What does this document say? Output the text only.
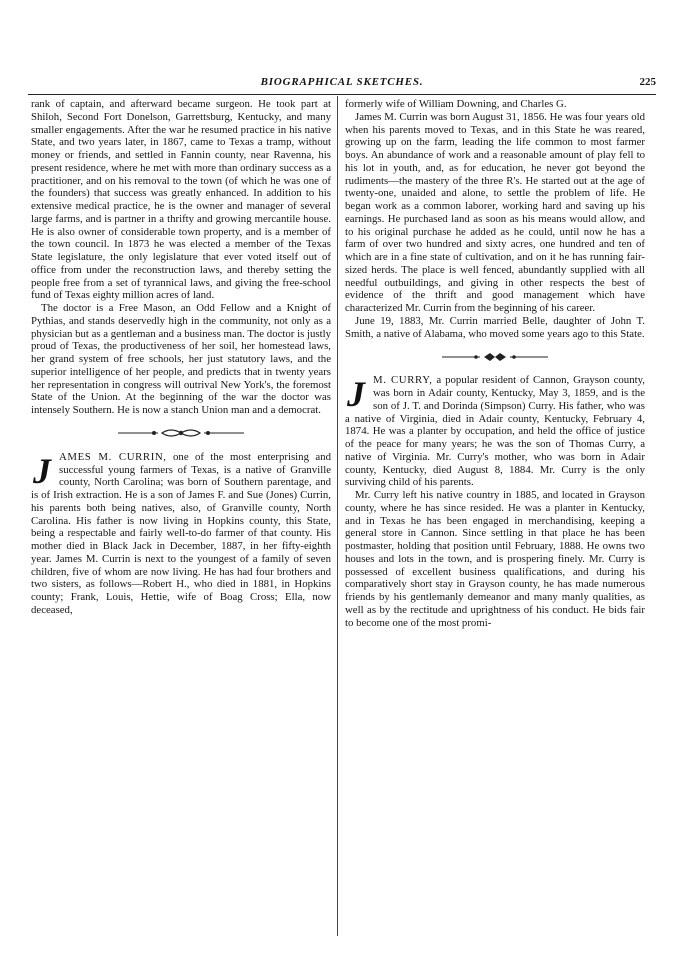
BIOGRAPHICAL SKETCHES.	225

rank of captain, and afterward became surgeon. He took part at Shiloh, Second Fort Donelson, Garrettsburg, Kentucky, and many smaller engagements. After the war he resumed practice in his native State, and two years later, in 1867, came to Texas a tramp, without money or friends, and settled in Fannin county, near Ravenna, his present residence, where he met with more than ordinary success as a practitioner, and on his removal to the town (of which he was one of the founders) that success was greatly enhanced. In addition to his extensive medical practice, he is the owner and manager of several large farms, and is partner in a thrifty and growing mercantile house. He is also owner of considerable town property, and is a member of the town council. In 1873 he was elected a member of the Texas State legislature, the only legislature that ever voted itself out of office from under the reconstruction laws, and thereby setting the people free from a set of tyrannical laws, and giving the free-school fund of Texas eighty million acres of land.

The doctor is a Free Mason, an Odd Fellow and a Knight of Pythias, and stands deservedly high in the community, not only as a physician but as a gentleman and a business man. The doctor is justly proud of Texas, the productiveness of her soil, her homestead laws, her grand system of free schools, her just statutory laws, and the superior intelligence of her people, and predicts that in twenty years her representation in congress will outrival New York's, the foremost State of the Union. At the beginning of the war the doctor was intensely Southern. He is now a stanch Union man and a democrat.

J AMES M. CURRIN, one of the most enterprising and successful young farmers of Texas, is a native of Granville county, North Carolina; was born of Southern parentage, and is of Irish extraction. He is a son of James F. and Sue (Jones) Currin, his parents both being natives, also, of Granville county, North Carolina. His father is now living in Hopkins county, this State, being a respectable and fairly well-to-do farmer of that county. His mother died in Black Jack in December, 1887, in her fifty-eighth year. James M. Currin is next to the youngest of a family of seven children, five of whom are now living. He has had four brothers and two sisters, as follows—Robert H., who died in 1881, in Hopkins county; Frank, Louis, Hettie, wife of Boag Cross; Ella, now deceased,

formerly wife of William Downing, and Charles G.

James M. Currin was born August 31, 1856. He was four years old when his parents moved to Texas, and in this State he was reared, growing up on the farm, leading the life common to most farmer boys. An abundance of work and a reasonable amount of play fell to his lot in youth, and, as for education, he never got beyond the rudiments—the mastery of the three R's. He started out at the age of twenty-one, unaided and alone, to settle the problem of life. He began work as a common laborer, working hard and saving up his earnings. He purchased land as soon as his means would allow, and to his original purchase he added as he could, until now he has a farm of over two hundred and sixty acres, one hundred and ten of which are in a fine state of cultivation, and on it he has running fair-sized herds. The place is well fenced, abundantly supplied with all needful outbuildings, and giving in other respects the best of evidence of the thrift and good management which have characterized Mr. Currin from the beginning of his career.

June 19, 1883, Mr. Currin married Belle, daughter of John T. Smith, a native of Alabama, who moved some years ago to this State.

J M. CURRY, a popular resident of Cannon, Grayson county, was born in Adair county, Kentucky, May 3, 1859, and is the son of J. T. and Dorinda (Simpson) Curry. His father, who was a native of Virginia, died in Adair county, Kentucky, February 4, 1874. He was a planter by occupation, and held the office of justice of the peace for many years; he was the son of Thomas Curry, a native of Virginia. Mr. Curry's mother, who was born in Adair county, Kentucky, died August 8, 1884. Mr. Curry is the only surviving child of his parents.

Mr. Curry left his native country in 1885, and located in Grayson county, where he has since resided. He was a planter in Kentucky, and in Texas he has been engaged in merchandising, keeping a general store in Cannon. Since settling in that place he has been postmaster, holding that position until February, 1888. He owns two houses and lots in the town, and is prospering finely. Mr. Curry is possessed of excellent business qualifications, and during his comparatively short stay in Grayson county, he has made numerous friends by his gentlemanly demeanor and many manly qualities, as well as by the rectitude and uprightness of his conduct. He bids fair to become one of the most promi-
